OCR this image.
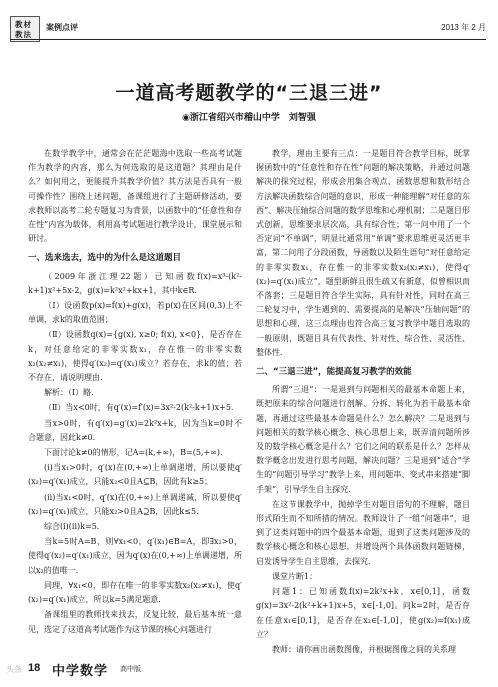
教材
教法
案例点评	2013 年 2 月
一道高考题教学的“三退三进”
◉浙江省绍兴市稽山中学　刘智强

在数学教学中，通常会在茫茫题海中选取一些高考试题作为教学的内容，那么为何选取的是这道题？其理由是什么？如何用之，更能提升其教学价值？其方法是否具有一般可操作性？围绕上述问题，备课组进行了主题研修活动，要求教师以高考二轮专题复习为背景，以函数中的“任意性和存在性”内容为载体，利用高考试题进行教学设计，课堂展示和研讨。

一、选来选去，选中的为什么是这道题目

（2009年浙江理22题）已知函数f(x)=x³-(k²-k+1)x²+5x-2，g(x)=k²x²+kx+1，其中k∈R.

（Ⅰ）设函数p(x)=f(x)+g(x)，若p(x)在区间(0,3)上不单调，求k的取值范围；

（Ⅱ）设函数q(x)={g(x), x≥0; f(x), x<0}，是否存在k，对任意给定的非零实数x₁，存在惟一的非零实数x₂(x₂≠x₁)，使得q′(x₂)=q′(x₁)成立？若存在，求k的值；若不存在，请说明理由.

解析：（Ⅰ）略.

（Ⅱ）当x<0时，有q′(x)=f′(x)=3x²-2(k²-k+1)x+5.

当x>0时，有q′(x)=g′(x)=2k²x+k，因为当k=0时不合题意，因此k≠0.

下面讨论k≠0的情形，记A=(k,+∞)，B=(5,+∞).

(i)当x₁>0时，q′(x)在(0,+∞)上单调递增，所以要使q′(x₂)=q′(x₁)成立，只能x₂<0且A⊆B，因此有k≥5；

(ii)当x₁<0时，q′(x)在(0,+∞)上单调递减，所以要使q′(x₂)=q′(x₁)成立，只能x₂>0且A⊇B，因此k≤5.

综合(i)(ii)k=5.

当k=5时A=B，则∀x₁<0，q′(x₁)∈B=A，即∃x₂>0，使得q′(x₂)=q′(x₁)成立，因为q′(x)在(0,+∞)上单调递增，所以x₂的值唯一.

同理，∀x₁<0，即存在唯一的非零实数x₂(x₂≠x₁)，使q′(x₂)=q′(x₁)成立，所以k=5满足题意.

备课组里的教师找来找去，反复比较，最后基本统一意见，选定了这道高考试题作为这节课的核心问题进行

教学，理由主要有三点：一是题目符合教学目标，既掌握函数中的“任意性和存在性”问题的解决策略，并通过问题解决的探究过程，形成会用集合观点、函数思想和数形结合方法解决函数综合问题的意识，形成一种能理解“对任意的东西”、解决压轴综合问题的数学思维和心理机制；二是题目形式创新，思维要求层次高，具有综合性；第一问中用了一个否定词“不单调”，明显比通常用“单调”要求思维更灵活更丰富，第二问用了分段函数，导函数以及陌生语句“对任意给定的非零实数x₁，存在惟一的非零实数x₂(x₂≠x₁)，使得q′(x₂)=q′(x₁)成立”，题型新鲜且很生疏又有新意，似曾相识而不落套；三是题目符合学生实际，具有针对性，同时在高三二轮复习中，学生遇到的、需要提高的是解决“压轴问题”的思想和心理，这三点理由也符合高三复习教学中题目选取的一般原则，既题目具有代表性、针对性、综合性、灵活性、整体性.

二、“三退三进”，能提高复习教学的效能

所谓“三退”：一是退到与问题相关的最基本命题上来，既把原来的综合问题进行剖解、分拆、转化为若干最基本命题，再通过这些最基本命题是什么？怎么解决？二是退到与问题相关的数学核心概念、核心思想上来，既弄清问题所涉及的数学核心概念是什么？它们之间的联系是什么？怎样从数学概念出发进行思考问题，解决问题？三是退到“适合”学生的“问题引导学习”教学上来，用问题串、变式串来搭建“脚手架”，引导学生自主探究.

在这节课教学中，抛掉学生对题目语句的不理解，题目形式陌生而不知所措的情况。教师设计了一组“问题串”，退到了这类问题中的四个最基本命题，退到了这类问题涉及的数学核心概念和核心思想，并增设两个具体函数问题链梯，启发诱导学生自主思维，去探究.

课堂片断1：

问题1：已知函数f(x)=2k²x+k，x∈[0,1]，函数g(x)=3x²-2(k²+k+1)x+5，x∈[-1,0]。问k=2时，是否存在任意x₁∈[0,1]，是否存在x₂∈[-1,0]，使g(x₂)=f(x₁)成立？

教师：请你画出函数图像，并根据图像之间的关系理

头条 18 中学数学 高中版
